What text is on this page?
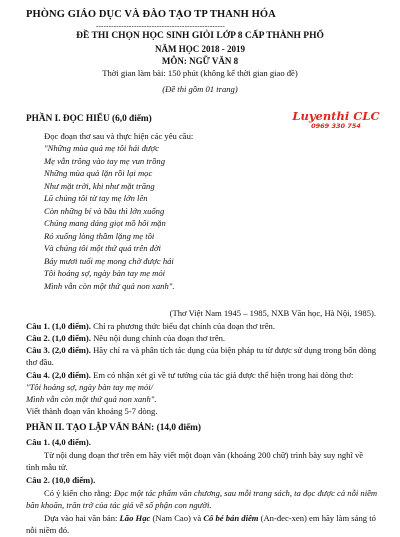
PHÒNG GIÁO DỤC VÀ ĐÀO TẠO TP THANH HÓA
---------------------------------------------------
ĐỀ THI CHỌN HỌC SINH GIỎI LỚP 8 CẤP THÀNH PHỐ
NĂM HỌC 2018 - 2019
MÔN: NGỮ VĂN 8
Thời gian làm bài: 150 phút (không kể thời gian giao đề)
(Đề thi gồm 01 trang)
PHẦN I. ĐỌC HIỂU (6,0 điểm)	Luyenthi CLC
0969 330 754
Đọc đoạn thơ sau và thực hiện các yêu cầu:
"Những mùa quả mẹ tôi hái được
Mẹ vẫn trông vào tay mẹ vun trồng
Những mùa quả lặn rồi lại mọc
Như mặt trời, khi như mặt trăng
Lũ chúng tôi từ tay mẹ lớn lên
Còn những bí và bầu thì lớn xuống
Chúng mang dáng giọt mồ hôi mặn
Rỏ xuống lòng thầm lặng mẹ tôi
Và chúng tôi một thứ quả trên đời
Bảy mươi tuổi mẹ mong chờ được hái
Tôi hoảng sợ, ngày bàn tay mẹ mỏi
Mình vẫn còn một thứ quả non xanh".
(Thơ Việt Nam 1945 – 1985, NXB Văn học, Hà Nội, 1985).
Câu 1. (1,0 điểm). Chỉ ra phương thức biểu đạt chính của đoạn thơ trên.
Câu 2. (1,0 điểm). Nêu nội dung chính của đoạn thơ trên.
Câu 3. (2,0 điểm). Hãy chỉ ra và phân tích tác dụng của biện pháp tu từ được sử dụng trong bốn dòng thơ đầu.
Câu 4. (2,0 điểm). Em có nhận xét gì về tư tưởng của tác giả được thể hiện trong hai dòng thơ:
"Tôi hoảng sợ, ngày bàn tay mẹ mỏi/
Mình vẫn còn một thứ quả non xanh".
Viết thành đoạn văn khoảng 5-7 dòng.
PHẦN II. TẠO LẬP VĂN BẢN: (14,0 điểm)
Câu 1. (4,0 điểm).
Từ nội dung đoạn thơ trên em hãy viết một đoạn văn (khoảng 200 chữ) trình bày suy nghĩ về tình mẫu tử.
Câu 2. (10,0 điểm).
Có ý kiến cho rằng: Đọc một tác phẩm văn chương, sau mỗi trang sách, ta đọc được cả nỗi niềm băn khoăn, trăn trở của tác giả về số phận con người.
Dựa vào hai văn bản: Lão Hạc (Nam Cao) và Cô bé bán diêm (An-đec-xen) em hãy làm sáng tỏ nỗi niềm đó.
